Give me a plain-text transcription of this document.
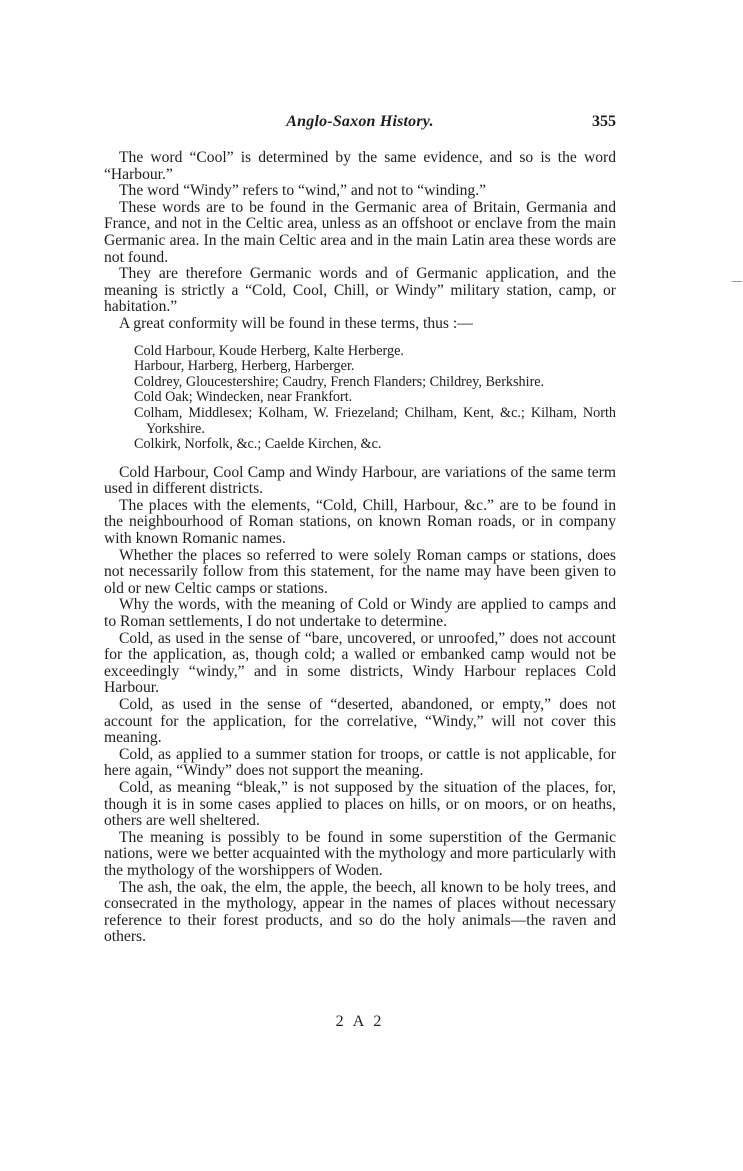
Anglo-Saxon History.	355

The word “Cool” is determined by the same evidence, and so is the word “Harbour.”

The word “Windy” refers to “wind,” and not to “winding.”

These words are to be found in the Germanic area of Britain, Germania and France, and not in the Celtic area, unless as an offshoot or enclave from the main Germanic area. In the main Celtic area and in the main Latin area these words are not found.

They are therefore Germanic words and of Germanic application, and the meaning is strictly a “Cold, Cool, Chill, or Windy” military station, camp, or habitation.”

A great conformity will be found in these terms, thus :—

Cold Harbour, Koude Herberg, Kalte Herberge.
Harbour, Harberg, Herberg, Harberger.
Coldrey, Gloucestershire; Caudry, French Flanders; Childrey, Berkshire.
Cold Oak; Windecken, near Frankfort.
Colham, Middlesex; Kolham, W. Friezeland; Chilham, Kent, &c.; Kilham, North Yorkshire.
Colkirk, Norfolk, &c.; Caelde Kirchen, &c.

Cold Harbour, Cool Camp and Windy Harbour, are variations of the same term used in different districts.

The places with the elements, “Cold, Chill, Harbour, &c.” are to be found in the neighbourhood of Roman stations, on known Roman roads, or in company with known Romanic names.

Whether the places so referred to were solely Roman camps or stations, does not necessarily follow from this statement, for the name may have been given to old or new Celtic camps or stations.

Why the words, with the meaning of Cold or Windy are applied to camps and to Roman settlements, I do not undertake to determine.

Cold, as used in the sense of “bare, uncovered, or unroofed,” does not account for the application, as, though cold; a walled or embanked camp would not be exceedingly “windy,” and in some districts, Windy Harbour replaces Cold Harbour.

Cold, as used in the sense of “deserted, abandoned, or empty,” does not account for the application, for the correlative, “Windy,” will not cover this meaning.

Cold, as applied to a summer station for troops, or cattle is not applicable, for here again, “Windy” does not support the meaning.

Cold, as meaning “bleak,” is not supposed by the situation of the places, for, though it is in some cases applied to places on hills, or on moors, or on heaths, others are well sheltered.

The meaning is possibly to be found in some superstition of the Germanic nations, were we better acquainted with the mythology and more particularly with the mythology of the worshippers of Woden.

The ash, the oak, the elm, the apple, the beech, all known to be holy trees, and consecrated in the mythology, appear in the names of places without necessary reference to their forest products, and so do the holy animals—the raven and others.

2 A 2
